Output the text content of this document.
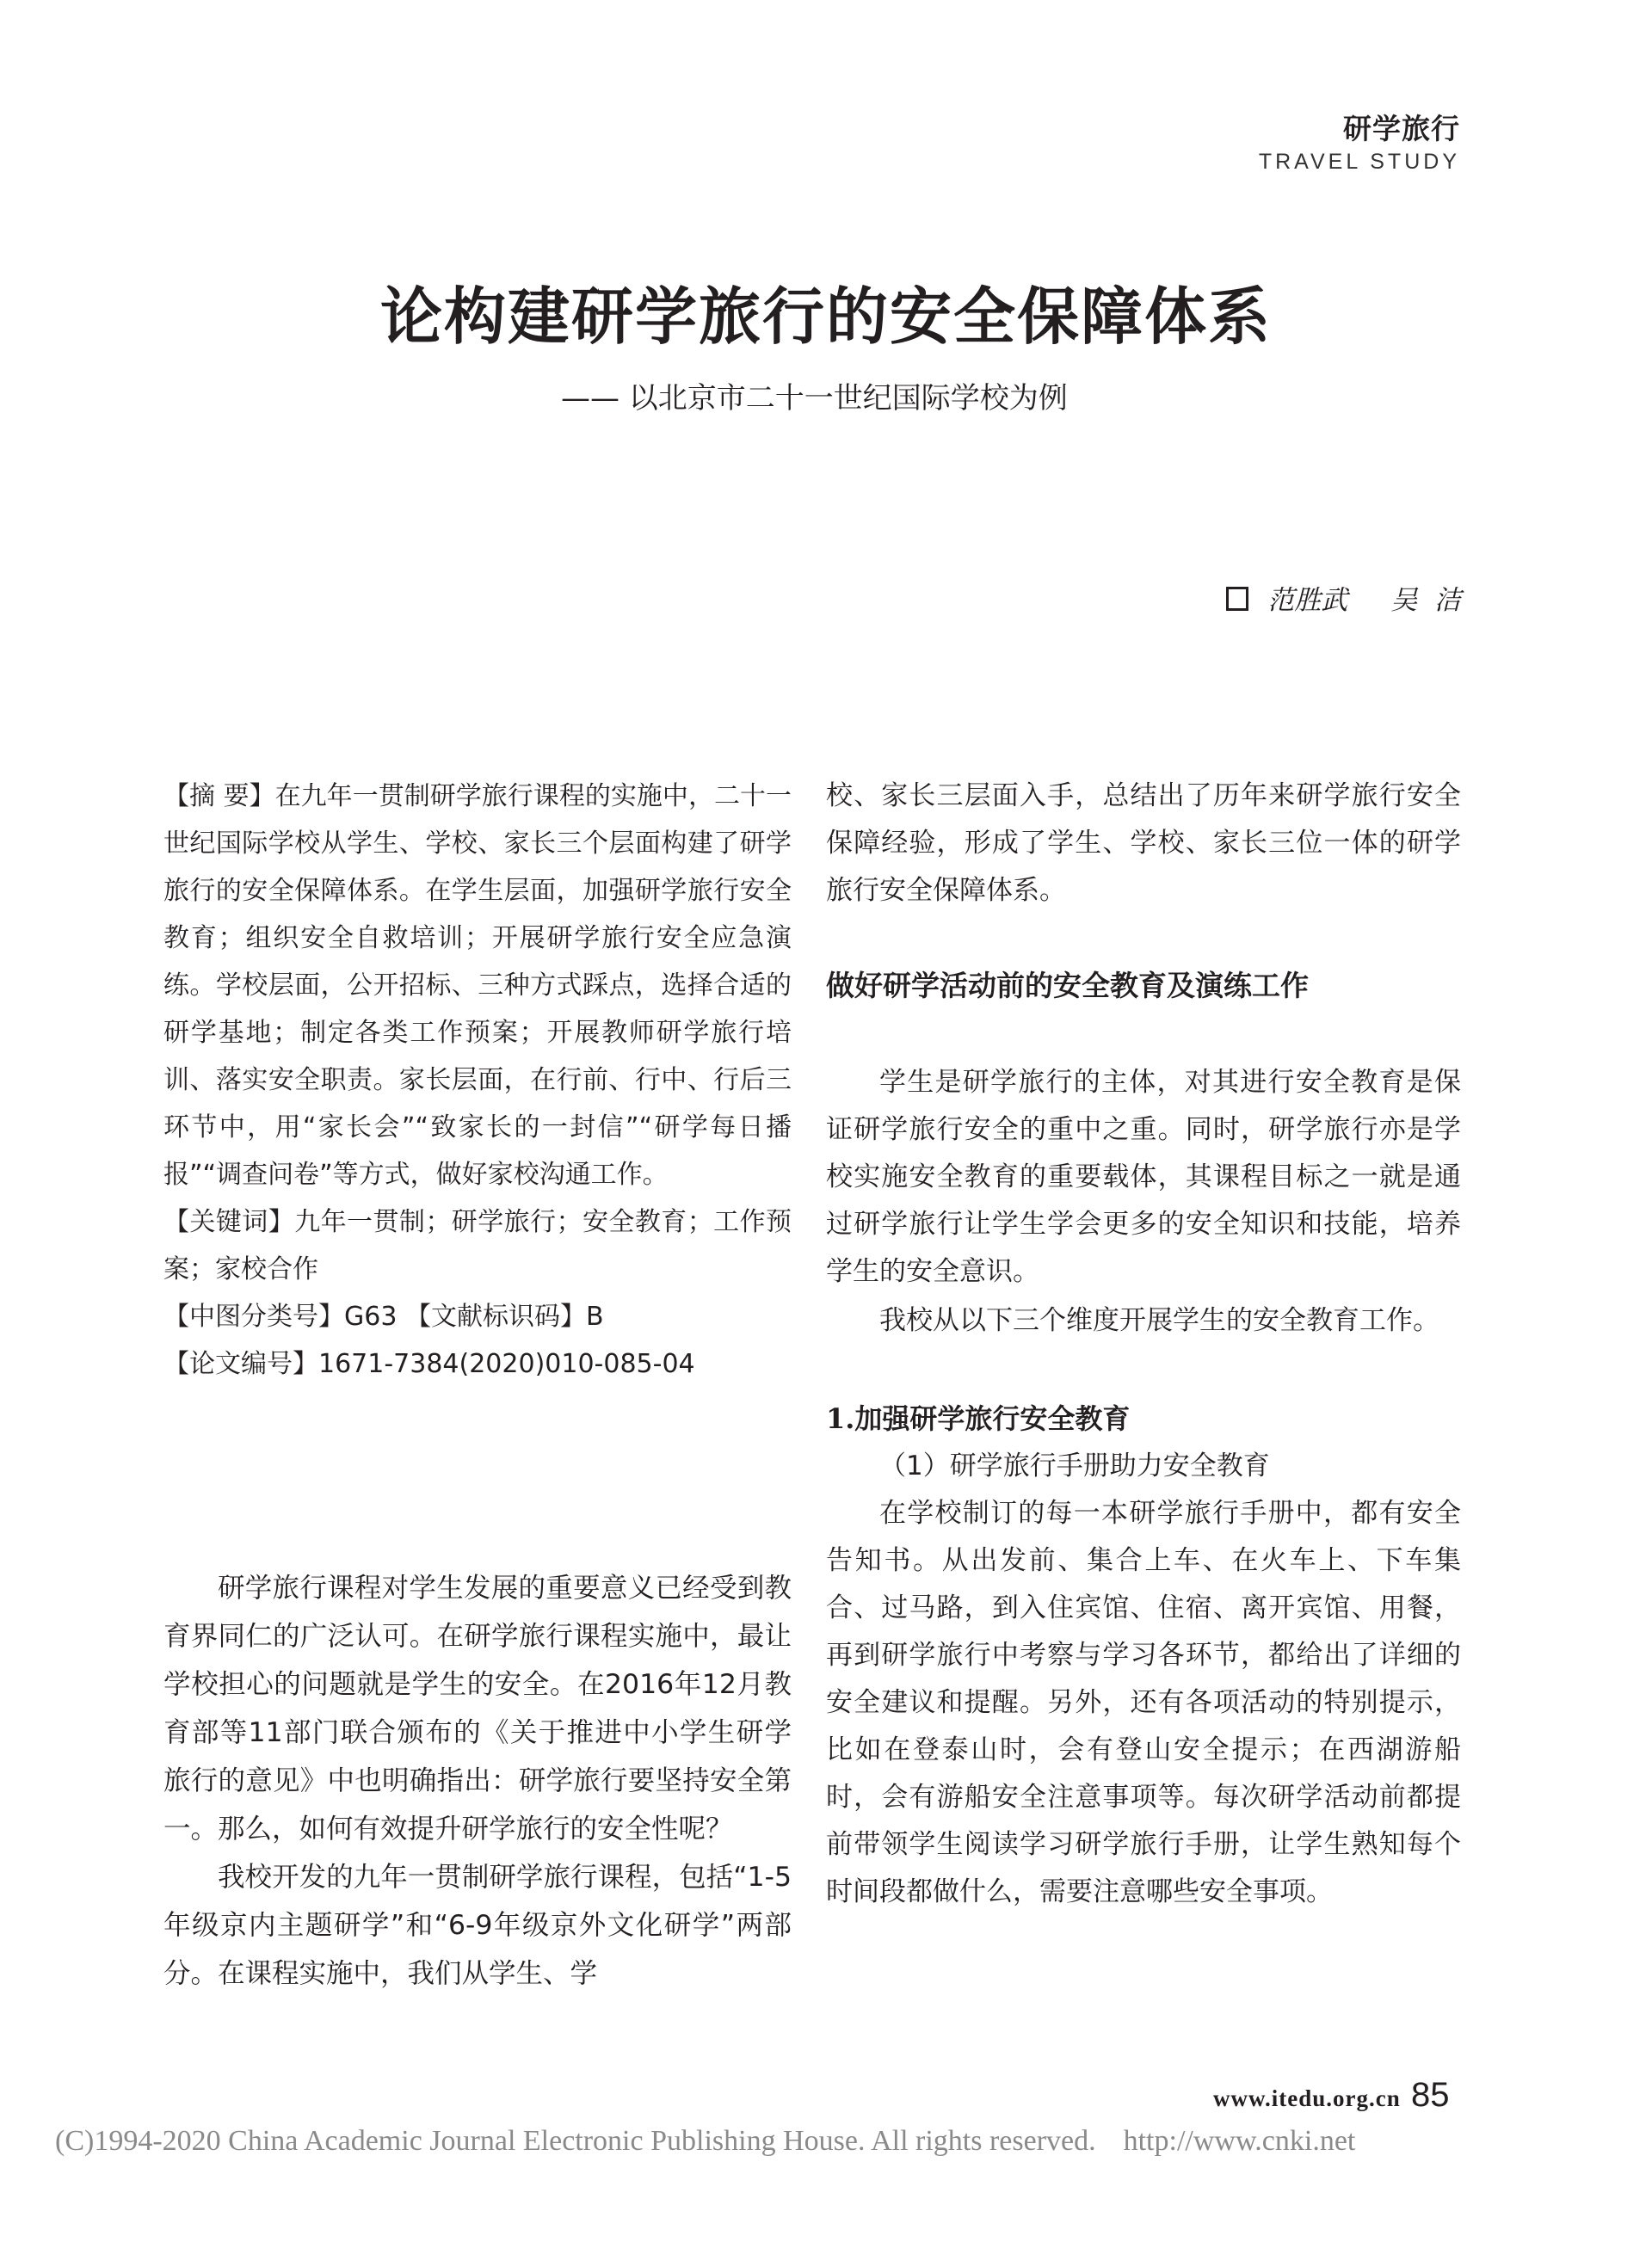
研学旅行
TRAVEL STUDY
论构建研学旅行的安全保障体系
—— 以北京市二十一世纪国际学校为例
范胜武 吴  洁

【摘 要】在九年一贯制研学旅行课程的实施中，二十一世纪国际学校从学生、学校、家长三个层面构建了研学旅行的安全保障体系。在学生层面，加强研学旅行安全教育；组织安全自救培训；开展研学旅行安全应急演练。学校层面，公开招标、三种方式踩点，选择合适的研学基地；制定各类工作预案；开展教师研学旅行培训、落实安全职责。家长层面，在行前、行中、行后三环节中，用“家长会”“致家长的一封信”“研学每日播报”“调查问卷”等方式，做好家校沟通工作。

【关键词】九年一贯制；研学旅行；安全教育；工作预案；家校合作

【中图分类号】G63 【文献标识码】B

【论文编号】1671-7384(2020)010-085-04

研学旅行课程对学生发展的重要意义已经受到教育界同仁的广泛认可。在研学旅行课程实施中，最让学校担心的问题就是学生的安全。在2016年12月教育部等11部门联合颁布的《关于推进中小学生研学旅行的意见》中也明确指出：研学旅行要坚持安全第一。那么，如何有效提升研学旅行的安全性呢？

我校开发的九年一贯制研学旅行课程，包括“1-5年级京内主题研学”和“6-9年级京外文化研学”两部分。在课程实施中，我们从学生、学

校、家长三层面入手，总结出了历年来研学旅行安全保障经验，形成了学生、学校、家长三位一体的研学旅行安全保障体系。

做好研学活动前的安全教育及演练工作

学生是研学旅行的主体，对其进行安全教育是保证研学旅行安全的重中之重。同时，研学旅行亦是学校实施安全教育的重要载体，其课程目标之一就是通过研学旅行让学生学会更多的安全知识和技能，培养学生的安全意识。

我校从以下三个维度开展学生的安全教育工作。

1.加强研学旅行安全教育

（1）研学旅行手册助力安全教育

在学校制订的每一本研学旅行手册中，都有安全告知书。从出发前、集合上车、在火车上、下车集合、过马路，到入住宾馆、住宿、离开宾馆、用餐，再到研学旅行中考察与学习各环节，都给出了详细的安全建议和提醒。另外，还有各项活动的特别提示，比如在登泰山时，会有登山安全提示；在西湖游船时，会有游船安全注意事项等。每次研学活动前都提前带领学生阅读学习研学旅行手册，让学生熟知每个时间段都做什么，需要注意哪些安全事项。

www.itedu.org.cn 85
(C)1994-2020 China Academic Journal Electronic Publishing House. All rights reserved. http://www.cnki.net
